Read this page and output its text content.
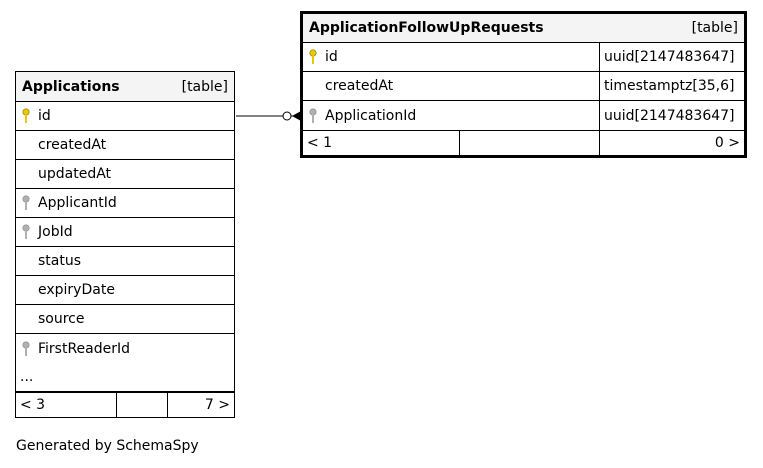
Applications	[table]
id
createdAt
updatedAt
ApplicantId
JobId
status
expiryDate
source
FirstReaderId
...
< 3	7 >
ApplicationFollowUpRequests	[table]
id	uuid[2147483647]
createdAt	timestamptz[35,6]
ApplicationId	uuid[2147483647]
< 1	0 >
Generated by SchemaSpy
